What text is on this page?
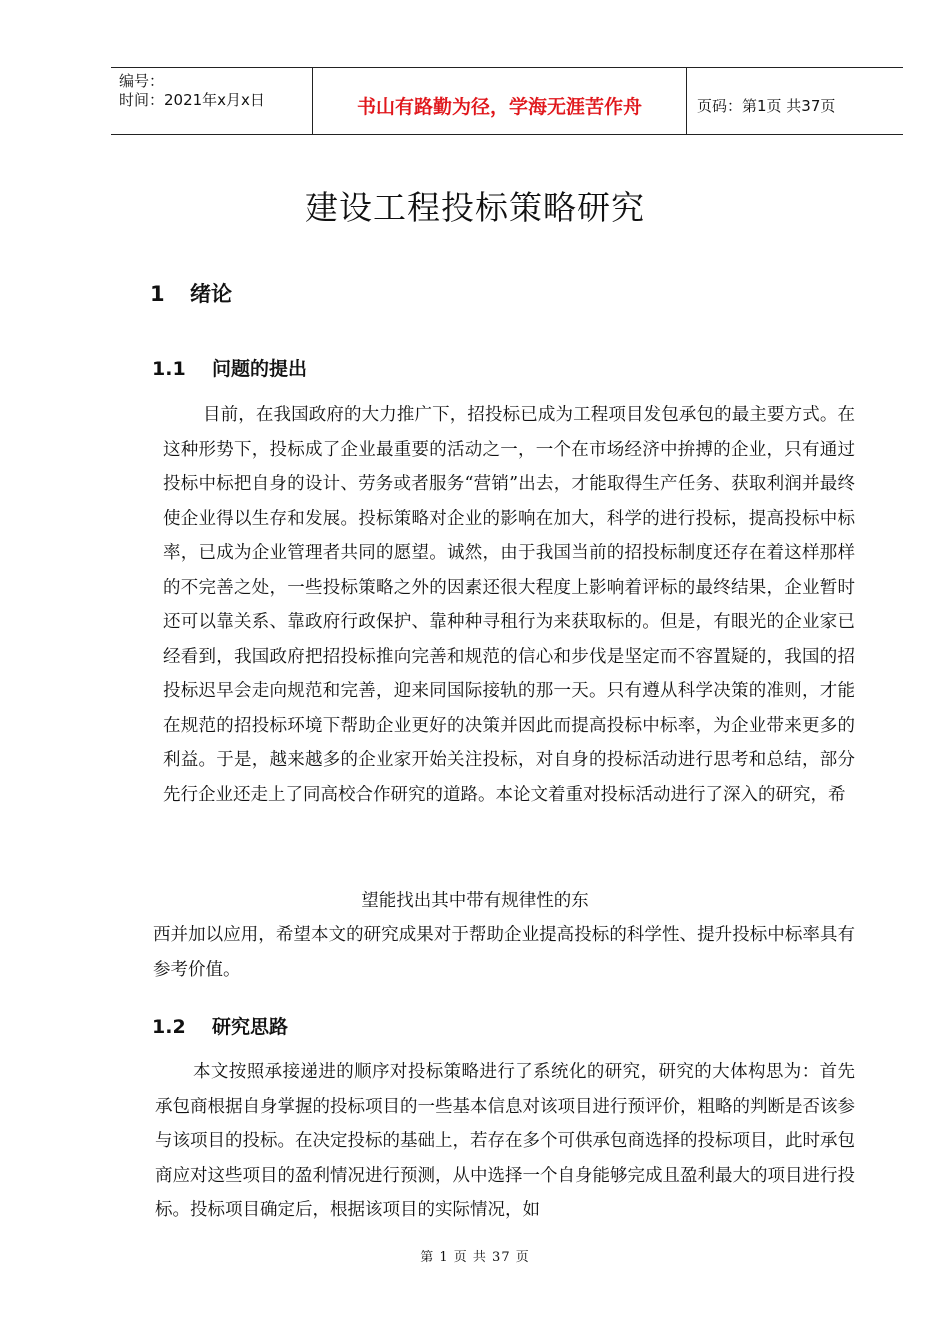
编号：
时间：2021年x月x日	书山有路勤为径，学海无涯苦作舟	页码：第1页 共37页
建设工程投标策略研究
1 绪论
1.1 问题的提出

目前，在我国政府的大力推广下，招投标已成为工程项目发包承包的最主要方式。在这种形势下，投标成了企业最重要的活动之一，一个在市场经济中拚搏的企业，只有通过投标中标把自身的设计、劳务或者服务“营销”出去，才能取得生产任务、获取利润并最终使企业得以生存和发展。投标策略对企业的影响在加大，科学的进行投标，提高投标中标率，已成为企业管理者共同的愿望。诚然，由于我国当前的招投标制度还存在着这样那样的不完善之处，一些投标策略之外的因素还很大程度上影响着评标的最终结果，企业暂时还可以靠关系、靠政府行政保护、靠种种寻租行为来获取标的。但是，有眼光的企业家已经看到，我国政府把招投标推向完善和规范的信心和步伐是坚定而不容置疑的，我国的招投标迟早会走向规范和完善，迎来同国际接轨的那一天。只有遵从科学决策的准则，才能在规范的招投标环境下帮助企业更好的决策并因此而提高投标中标率，为企业带来更多的利益。于是，越来越多的企业家开始关注投标，对自身的投标活动进行思考和总结，部分先行企业还走上了同高校合作研究的道路。本论文着重对投标活动进行了深入的研究，希

望能找出其中带有规律性的东

西并加以应用，希望本文的研究成果对于帮助企业提高投标的科学性、提升投标中标率具有参考价值。

1.2 研究思路

本文按照承接递进的顺序对投标策略进行了系统化的研究，研究的大体构思为：首先承包商根据自身掌握的投标项目的一些基本信息对该项目进行预评价，粗略的判断是否该参与该项目的投标。在决定投标的基础上，若存在多个可供承包商选择的投标项目，此时承包商应对这些项目的盈利情况进行预测，从中选择一个自身能够完成且盈利最大的项目进行投标。投标项目确定后，根据该项目的实际情况，如

第 1 页 共 37 页
